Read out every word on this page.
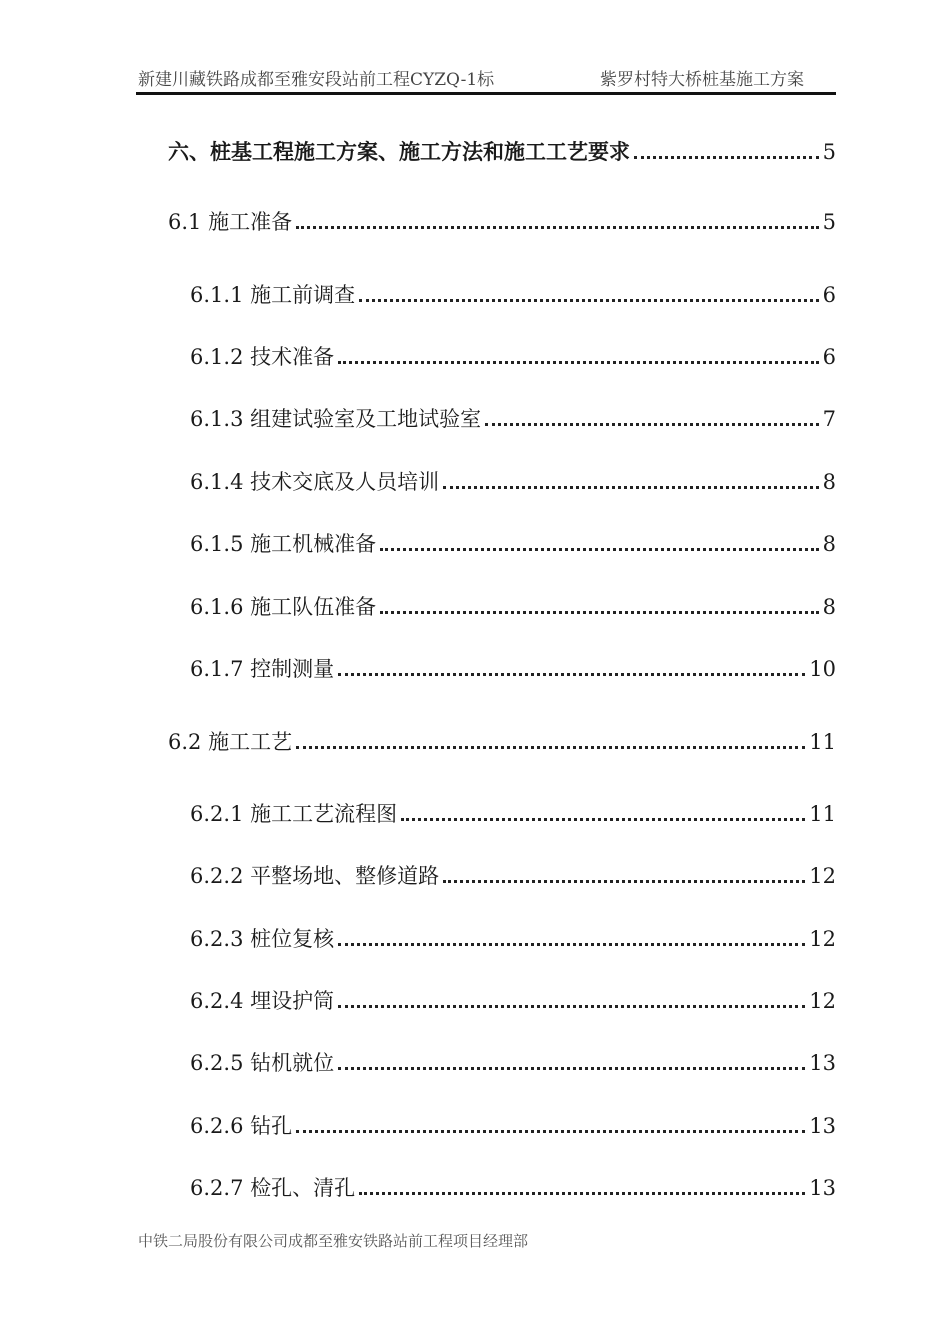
新建川藏铁路成都至雅安段站前工程CYZQ-1标	紫罗村特大桥桩基施工方案
六、桩基工程施工方案、施工方法和施工工艺要求	5
6.1 施工准备	5
6.1.1 施工前调查	6
6.1.2 技术准备	6
6.1.3 组建试验室及工地试验室	7
6.1.4 技术交底及人员培训	8
6.1.5 施工机械准备	8
6.1.6 施工队伍准备	8
6.1.7 控制测量	10
6.2 施工工艺	11
6.2.1 施工工艺流程图	11
6.2.2 平整场地、整修道路	12
6.2.3 桩位复核	12
6.2.4 埋设护筒	12
6.2.5 钻机就位	13
6.2.6 钻孔	13
6.2.7 检孔、清孔	13
中铁二局股份有限公司成都至雅安铁路站前工程项目经理部
